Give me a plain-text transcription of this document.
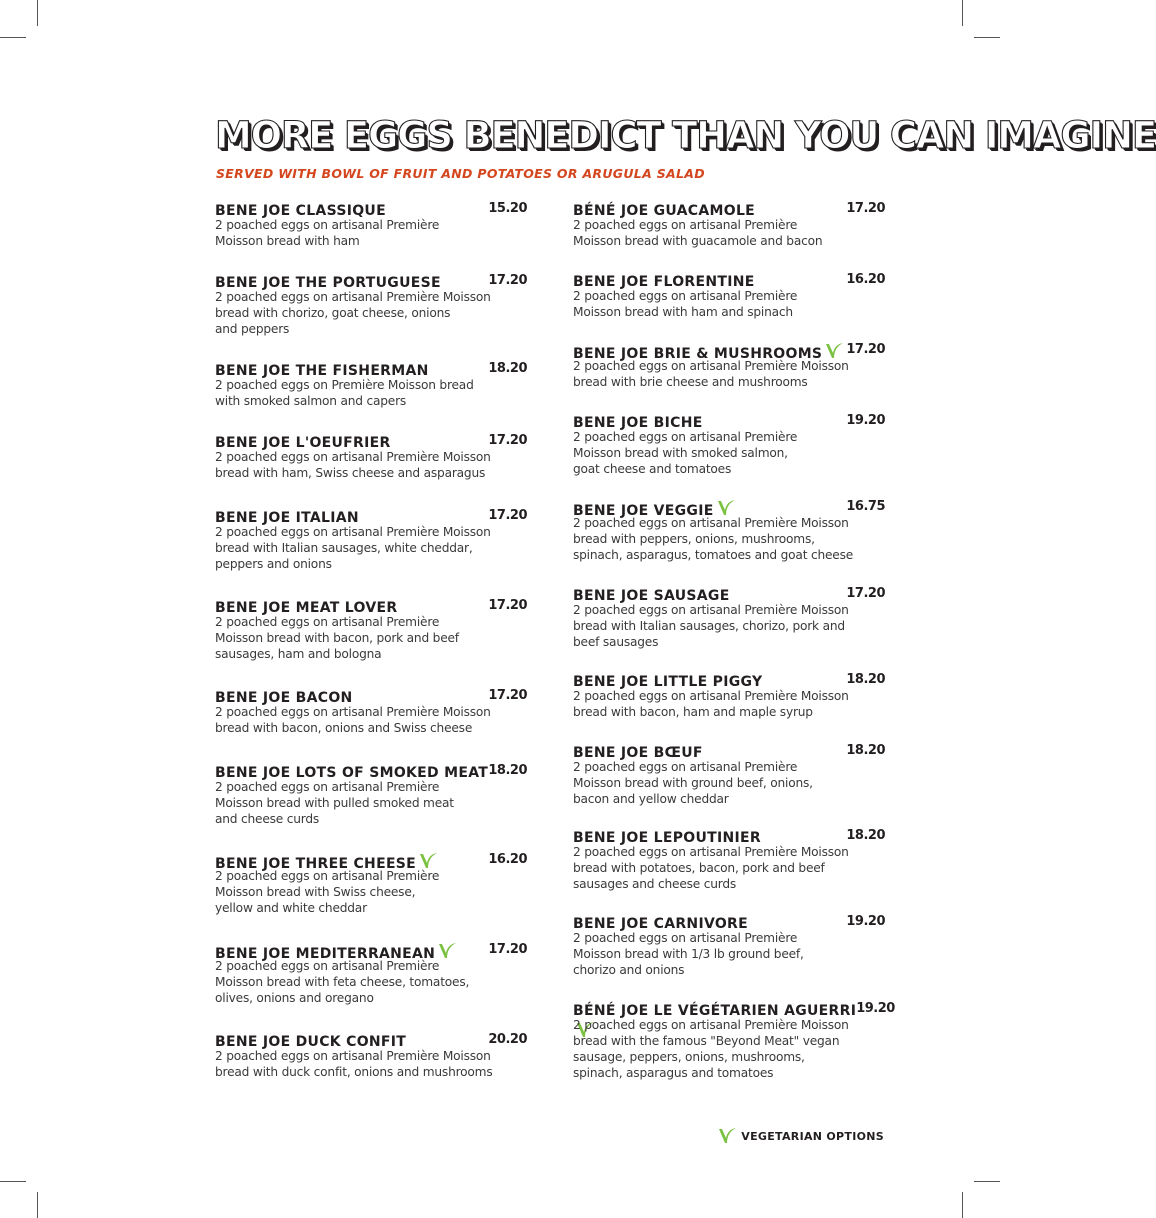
MORE EGGS BENEDICT THAN YOU CAN IMAGINE

SERVED WITH BOWL OF FRUIT AND POTATOES OR ARUGULA SALAD

BENE JOE CLASSIQUE	15.20
2 poached eggs on artisanal Première
Moisson bread with ham
BENE JOE THE PORTUGUESE	17.20
2 poached eggs on artisanal Première Moisson
bread with chorizo, goat cheese, onions
and peppers
BENE JOE THE FISHERMAN	18.20
2 poached eggs on Première Moisson bread
with smoked salmon and capers
BENE JOE L'OEUFRIER	17.20
2 poached eggs on artisanal Première Moisson
bread with ham, Swiss cheese and asparagus
BENE JOE ITALIAN	17.20
2 poached eggs on artisanal Première Moisson
bread with Italian sausages, white cheddar,
peppers and onions
BENE JOE MEAT LOVER	17.20
2 poached eggs on artisanal Première
Moisson bread with bacon, pork and beef
sausages, ham and bologna
BENE JOE BACON	17.20
2 poached eggs on artisanal Première Moisson
bread with bacon, onions and Swiss cheese
BENE JOE LOTS OF SMOKED MEAT 18.20
2 poached eggs on artisanal Première
Moisson bread with pulled smoked meat
and cheese curds
BENE JOE THREE CHEESE	16.20
2 poached eggs on artisanal Première
Moisson bread with Swiss cheese,
yellow and white cheddar
BENE JOE MEDITERRANEAN	17.20
2 poached eggs on artisanal Première
Moisson bread with feta cheese, tomatoes,
olives, onions and oregano
BENE JOE DUCK CONFIT	20.20
2 poached eggs on artisanal Première Moisson
bread with duck confit, onions and mushrooms
BÉNÉ JOE GUACAMOLE	17.20
2 poached eggs on artisanal Première
Moisson bread with guacamole and bacon
BENE JOE FLORENTINE	16.20
2 poached eggs on artisanal Première
Moisson bread with ham and spinach
BENE JOE BRIE & MUSHROOMS	17.20
2 poached eggs on artisanal Première Moisson
bread with brie cheese and mushrooms
BENE JOE BICHE	19.20
2 poached eggs on artisanal Première
Moisson bread with smoked salmon,
goat cheese and tomatoes
BENE JOE VEGGIE	16.75
2 poached eggs on artisanal Première Moisson
bread with peppers, onions, mushrooms,
spinach, asparagus, tomatoes and goat cheese
BENE JOE SAUSAGE	17.20
2 poached eggs on artisanal Première Moisson
bread with Italian sausages, chorizo, pork and
beef sausages
BENE JOE LITTLE PIGGY	18.20
2 poached eggs on artisanal Première Moisson
bread with bacon, ham and maple syrup
BENE JOE BŒUF	18.20
2 poached eggs on artisanal Première
Moisson bread with ground beef, onions,
bacon and yellow cheddar
BENE JOE LEPOUTINIER	18.20
2 poached eggs on artisanal Première Moisson
bread with potatoes, bacon, pork and beef
sausages and cheese curds
BENE JOE CARNIVORE	19.20
2 poached eggs on artisanal Première
Moisson bread with 1/3 lb ground beef,
chorizo and onions
BÉNÉ JOE LE VÉGÉTARIEN AGUERRI 19.20
2 poached eggs on artisanal Première Moisson
bread with the famous "Beyond Meat" vegan
sausage, peppers, onions, mushrooms,
spinach, asparagus and tomatoes
VEGETARIAN OPTIONS
